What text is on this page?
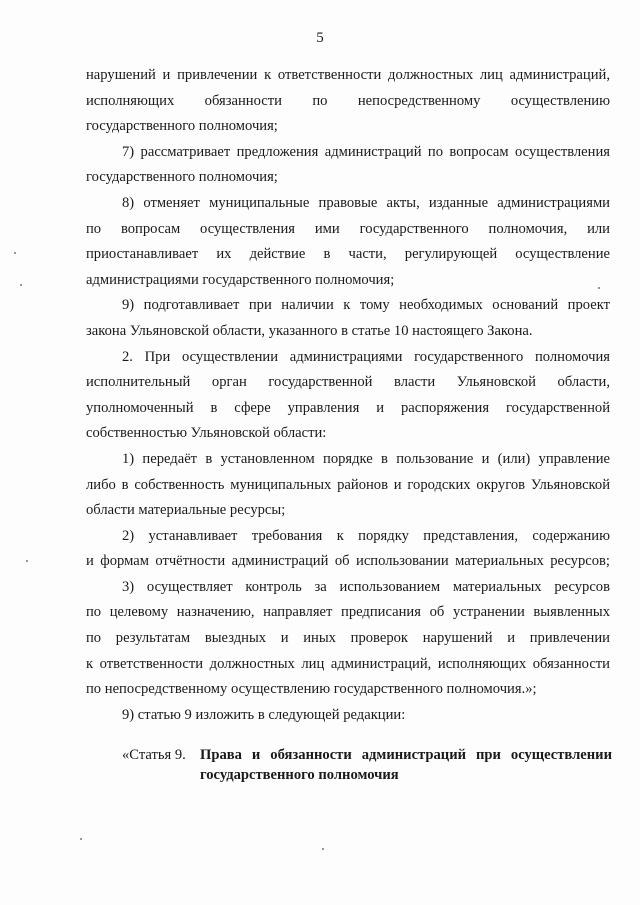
5
нарушений и привлечении к ответственности должностных лиц администраций,
исполняющих обязанности по непосредственному осуществлению
государственного полномочия;
7) рассматривает предложения администраций по вопросам осуществления
государственного полномочия;
8) отменяет муниципальные правовые акты, изданные администрациями
по вопросам осуществления ими государственного полномочия, или
приостанавливает их действие в части, регулирующей осуществление
администрациями государственного полномочия;
9) подготавливает при наличии к тому необходимых оснований проект
закона Ульяновской области, указанного в статье 10 настоящего Закона.
2. При осуществлении администрациями государственного полномочия
исполнительный орган государственной власти Ульяновской области,
уполномоченный в сфере управления и распоряжения государственной
собственностью Ульяновской области:
1) передаёт в установленном порядке в пользование и (или) управление
либо в собственность муниципальных районов и городских округов Ульяновской
области материальные ресурсы;
2) устанавливает требования к порядку представления, содержанию
и формам отчётности администраций об использовании материальных ресурсов;
3) осуществляет контроль за использованием материальных ресурсов
по целевому назначению, направляет предписания об устранении выявленных
по результатам выездных и иных проверок нарушений и привлечении
к ответственности должностных лиц администраций, исполняющих обязанности
по непосредственному осуществлению государственного полномочия.»;
9) статью 9 изложить в следующей редакции:
«Статья 9. Права и обязанности администраций при осуществлении
государственного полномочия
